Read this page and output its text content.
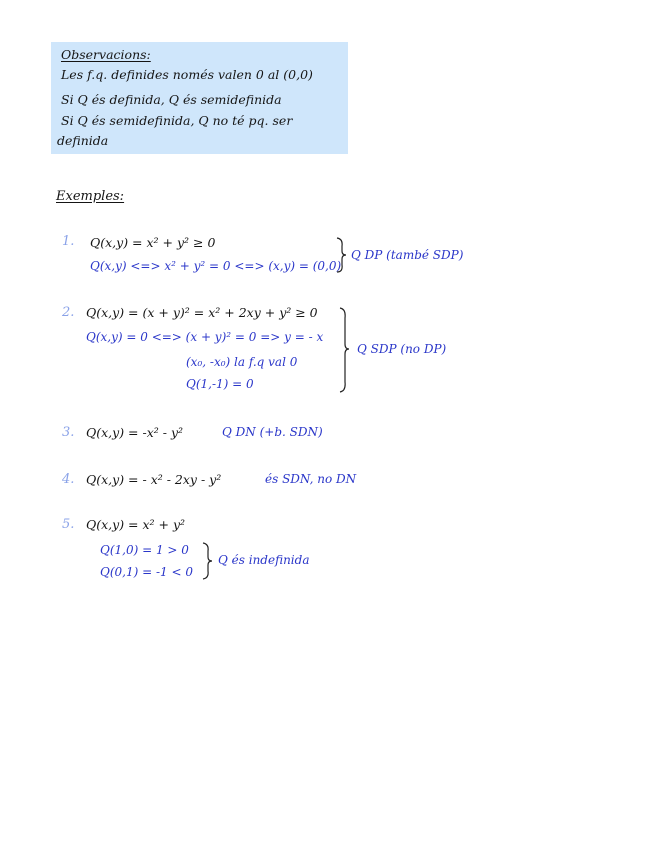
Observacions:
Les f.q. definides només valen 0 al (0,0)
Si Q és definida, Q és semidefinida
Si Q és semidefinida, Q no té pq. ser
definida
Exemples:
1. Q(x,y) = x² + y² ≥ 0
Q(x,y) <=> x² + y² = 0 <=> (x,y) = (0,0)
Q DP (també SDP)
2. Q(x,y) = (x + y)² = x² + 2xy + y² ≥ 0
Q(x,y) = 0 <=> (x + y)² = 0 => y = - x
(x₀, -x₀) la f.q val 0
Q(1,-1) = 0
Q SDP (no DP)
3. Q(x,y) = -x² - y²	Q DN (+b. SDN)
4. Q(x,y) = - x² - 2xy - y²	és SDN, no DN
5. Q(x,y) = x² + y²
Q(1,0) = 1 > 0
Q(0,1) = -1 < 0
Q és indefinida
